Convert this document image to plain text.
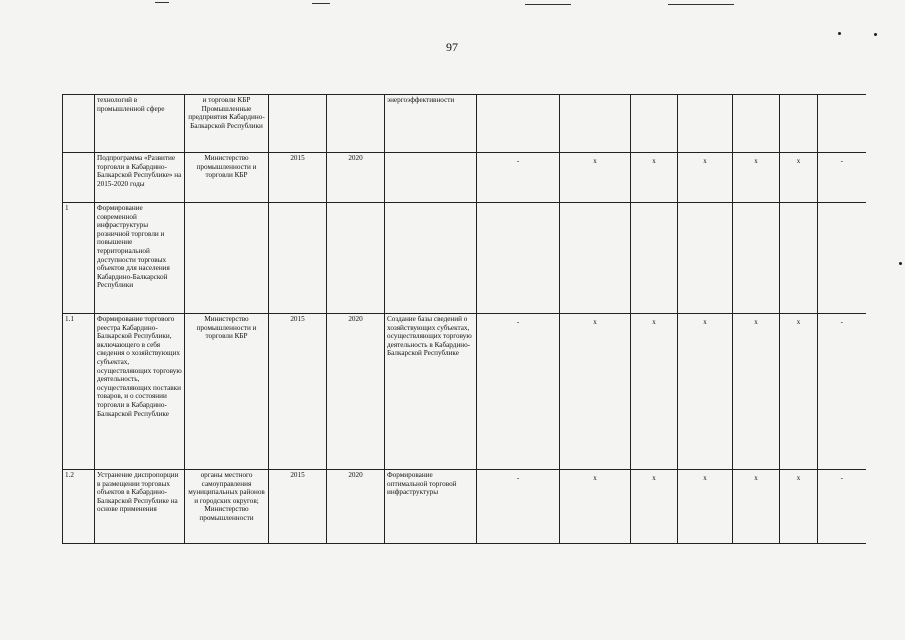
97
	технологий в промышленной сфере	и торговли КБР Промышленные предприятия Кабардино-Балкарской Республики			энергоэффективности							
	Подпрограмма «Развитие торговли в Кабардино-Балкарской Республике» на 2015-2020 годы	Министерство промышленности и торговли КБР	2015	2020		-	х	х	х	х	х	-
1	Формирование современной инфраструктуры розничной торговли и повышение территориальной доступности торговых объектов для населения Кабардино-Балкарской Республики											
1.1	Формирование торгового реестра Кабардино-Балкарской Республики, включающего в себя сведения о хозяйствующих субъектах, осуществляющих торговую деятельность, осуществляющих поставки товаров, и о состоянии торговли в Кабардино-Балкарской Республике	Министерство промышленности и торговли КБР	2015	2020	Создание базы сведений о хозяйствующих субъектах, осуществляющих торговую деятельность в Кабардино-Балкарской Республике	-	х	х	х	х	х	-
1.2	Устранение диспропорции в размещении торговых объектов в Кабардино-Балкарской Республике на основе применения	органы местного самоуправления муниципальных районов и городских округов; Министерство промышленности	2015	2020	Формирование оптимальной торговой инфраструктуры	-	х	х	х	х	х	-
